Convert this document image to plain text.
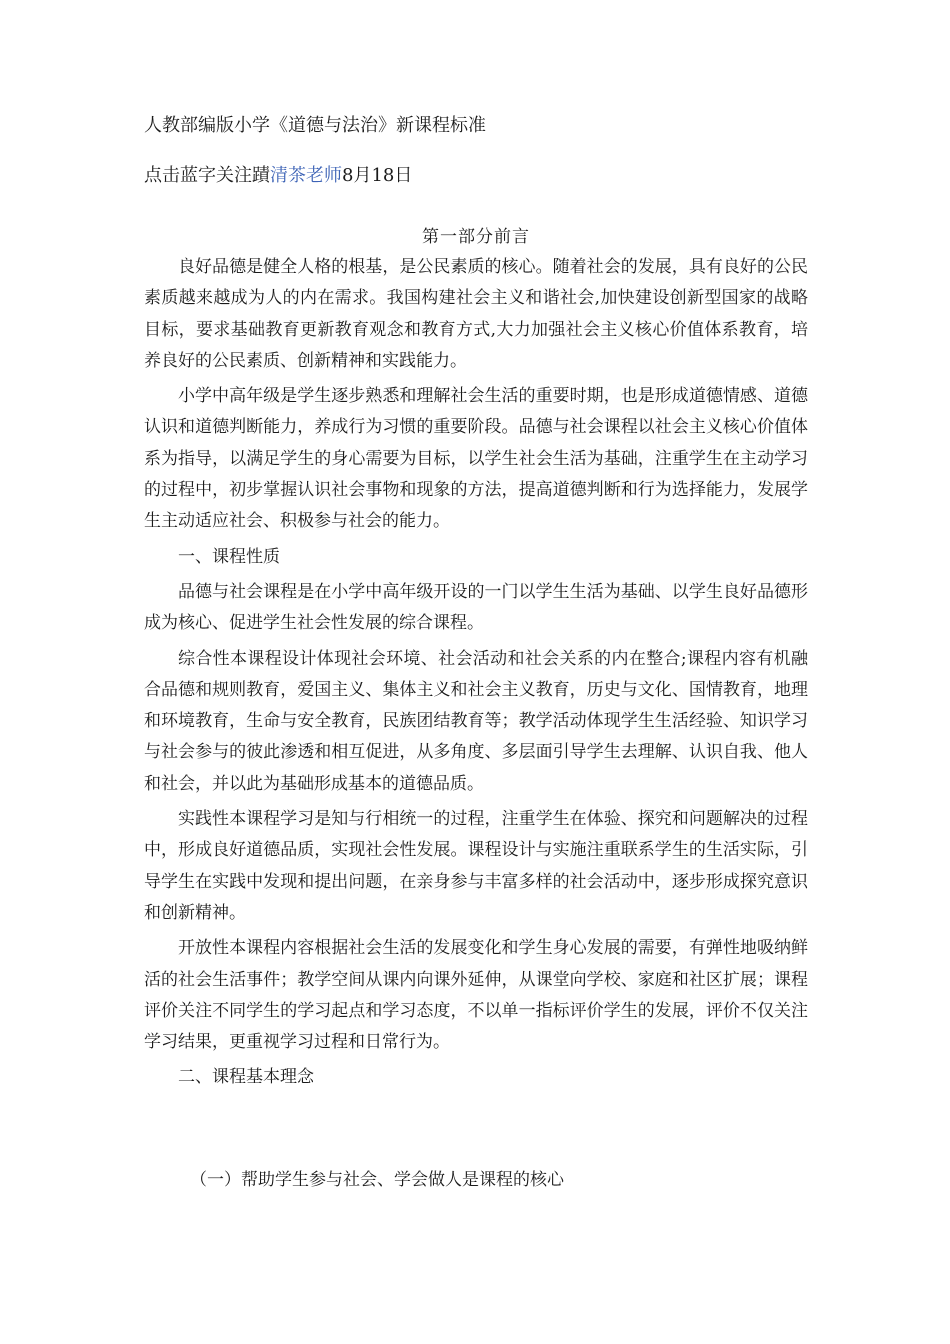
人教部编版小学《道德与法治》新课程标准
点击蓝字关注蹟清茶老师8月18日
第一部分前言

良好品德是健全人格的根基，是公民素质的核心。随着社会的发展，具有良好的公民素质越来越成为人的内在需求。我国构建社会主义和谐社会,加快建设创新型国家的战略目标，要求基础教育更新教育观念和教育方式,大力加强社会主义核心价值体系教育，培养良好的公民素质、创新精神和实践能力。

小学中高年级是学生逐步熟悉和理解社会生活的重要时期，也是形成道德情感、道德认识和道德判断能力，养成行为习惯的重要阶段。品德与社会课程以社会主义核心价值体系为指导，以满足学生的身心需要为目标，以学生社会生活为基础，注重学生在主动学习的过程中，初步掌握认识社会事物和现象的方法，提高道德判断和行为选择能力，发展学生主动适应社会、积极参与社会的能力。

一、课程性质

品德与社会课程是在小学中高年级开设的一门以学生生活为基础、以学生良好品德形成为核心、促进学生社会性发展的综合课程。

综合性本课程设计体现社会环境、社会活动和社会关系的内在整合;课程内容有机融合品德和规则教育，爱国主义、集体主义和社会主义教育，历史与文化、国情教育，地理和环境教育，生命与安全教育，民族团结教育等；教学活动体现学生生活经验、知识学习与社会参与的彼此渗透和相互促进，从多角度、多层面引导学生去理解、认识自我、他人和社会，并以此为基础形成基本的道德品质。

实践性本课程学习是知与行相统一的过程，注重学生在体验、探究和问题解决的过程中，形成良好道德品质，实现社会性发展。课程设计与实施注重联系学生的生活实际，引导学生在实践中发现和提出问题，在亲身参与丰富多样的社会活动中，逐步形成探究意识和创新精神。

开放性本课程内容根据社会生活的发展变化和学生身心发展的需要，有弹性地吸纳鲜活的社会生活事件；教学空间从课内向课外延伸，从课堂向学校、家庭和社区扩展；课程评价关注不同学生的学习起点和学习态度，不以单一指标评价学生的发展，评价不仅关注学习结果，更重视学习过程和日常行为。

二、课程基本理念

（一）帮助学生参与社会、学会做人是课程的核心
